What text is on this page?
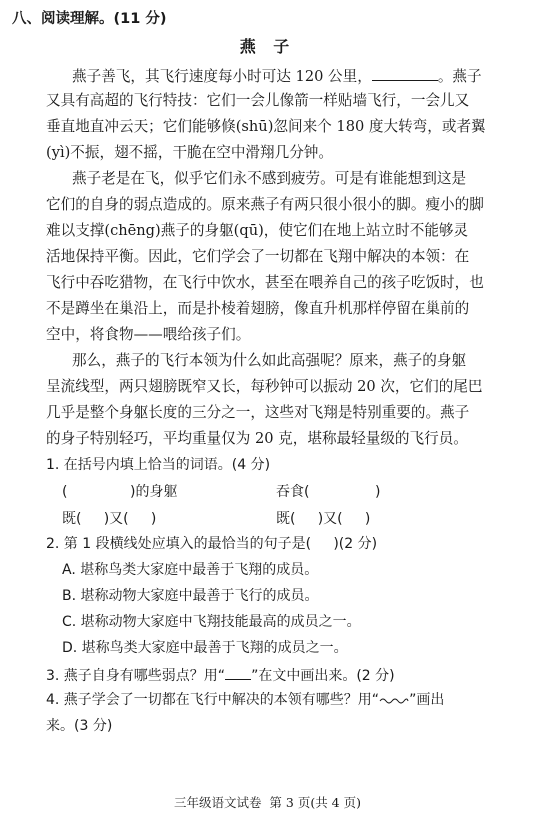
八、阅读理解。(11 分)
燕 子
燕子善飞，其飞行速度每小时可达 120 公里，	。燕子
又具有高超的飞行特技：它们一会儿像箭一样贴墙飞行，一会儿又
垂直地直冲云天；它们能够倏(shū)忽间来个 180 度大转弯，或者翼
(yì)不振，翅不摇，干脆在空中滑翔几分钟。
燕子老是在飞，似乎它们永不感到疲劳。可是有谁能想到这是
它们的自身的弱点造成的。原来燕子有两只很小很小的脚。瘦小的脚
难以支撑(chēng)燕子的身躯(qū)，使它们在地上站立时不能够灵
活地保持平衡。因此，它们学会了一切都在飞翔中解决的本领：在
飞行中吞吃猎物，在飞行中饮水，甚至在喂养自己的孩子吃饭时，也
不是蹲坐在巢沿上，而是扑棱着翅膀，像直升机那样停留在巢前的
空中，将食物——喂给孩子们。
那么，燕子的飞行本领为什么如此高强呢？原来，燕子的身躯
呈流线型，两只翅膀既窄又长，每秒钟可以振动 20 次，它们的尾巴
几乎是整个身躯长度的三分之一，这些对飞翔是特别重要的。燕子
的身子特别轻巧，平均重量仅为 20 克，堪称最轻量级的飞行员。
1. 在括号内填上恰当的词语。(4 分)
(	)的身躯	吞食(	)
既(     )又(     )	既(     )又(     )
2. 第 1 段横线处应填入的最恰当的句子是(     )(2 分)
A. 堪称鸟类大家庭中最善于飞翔的成员。
B. 堪称动物大家庭中最善于飞行的成员。
C. 堪称动物大家庭中飞翔技能最高的成员之一。
D. 堪称鸟类大家庭中最善于飞翔的成员之一。
3. 燕子自身有哪些弱点？用“ ”在文中画出来。(2 分)
4. 燕子学会了一切都在飞行中解决的本领有哪些？用“ ”画出
来。(3 分)
三年级语文试卷  第 3 页(共 4 页)
